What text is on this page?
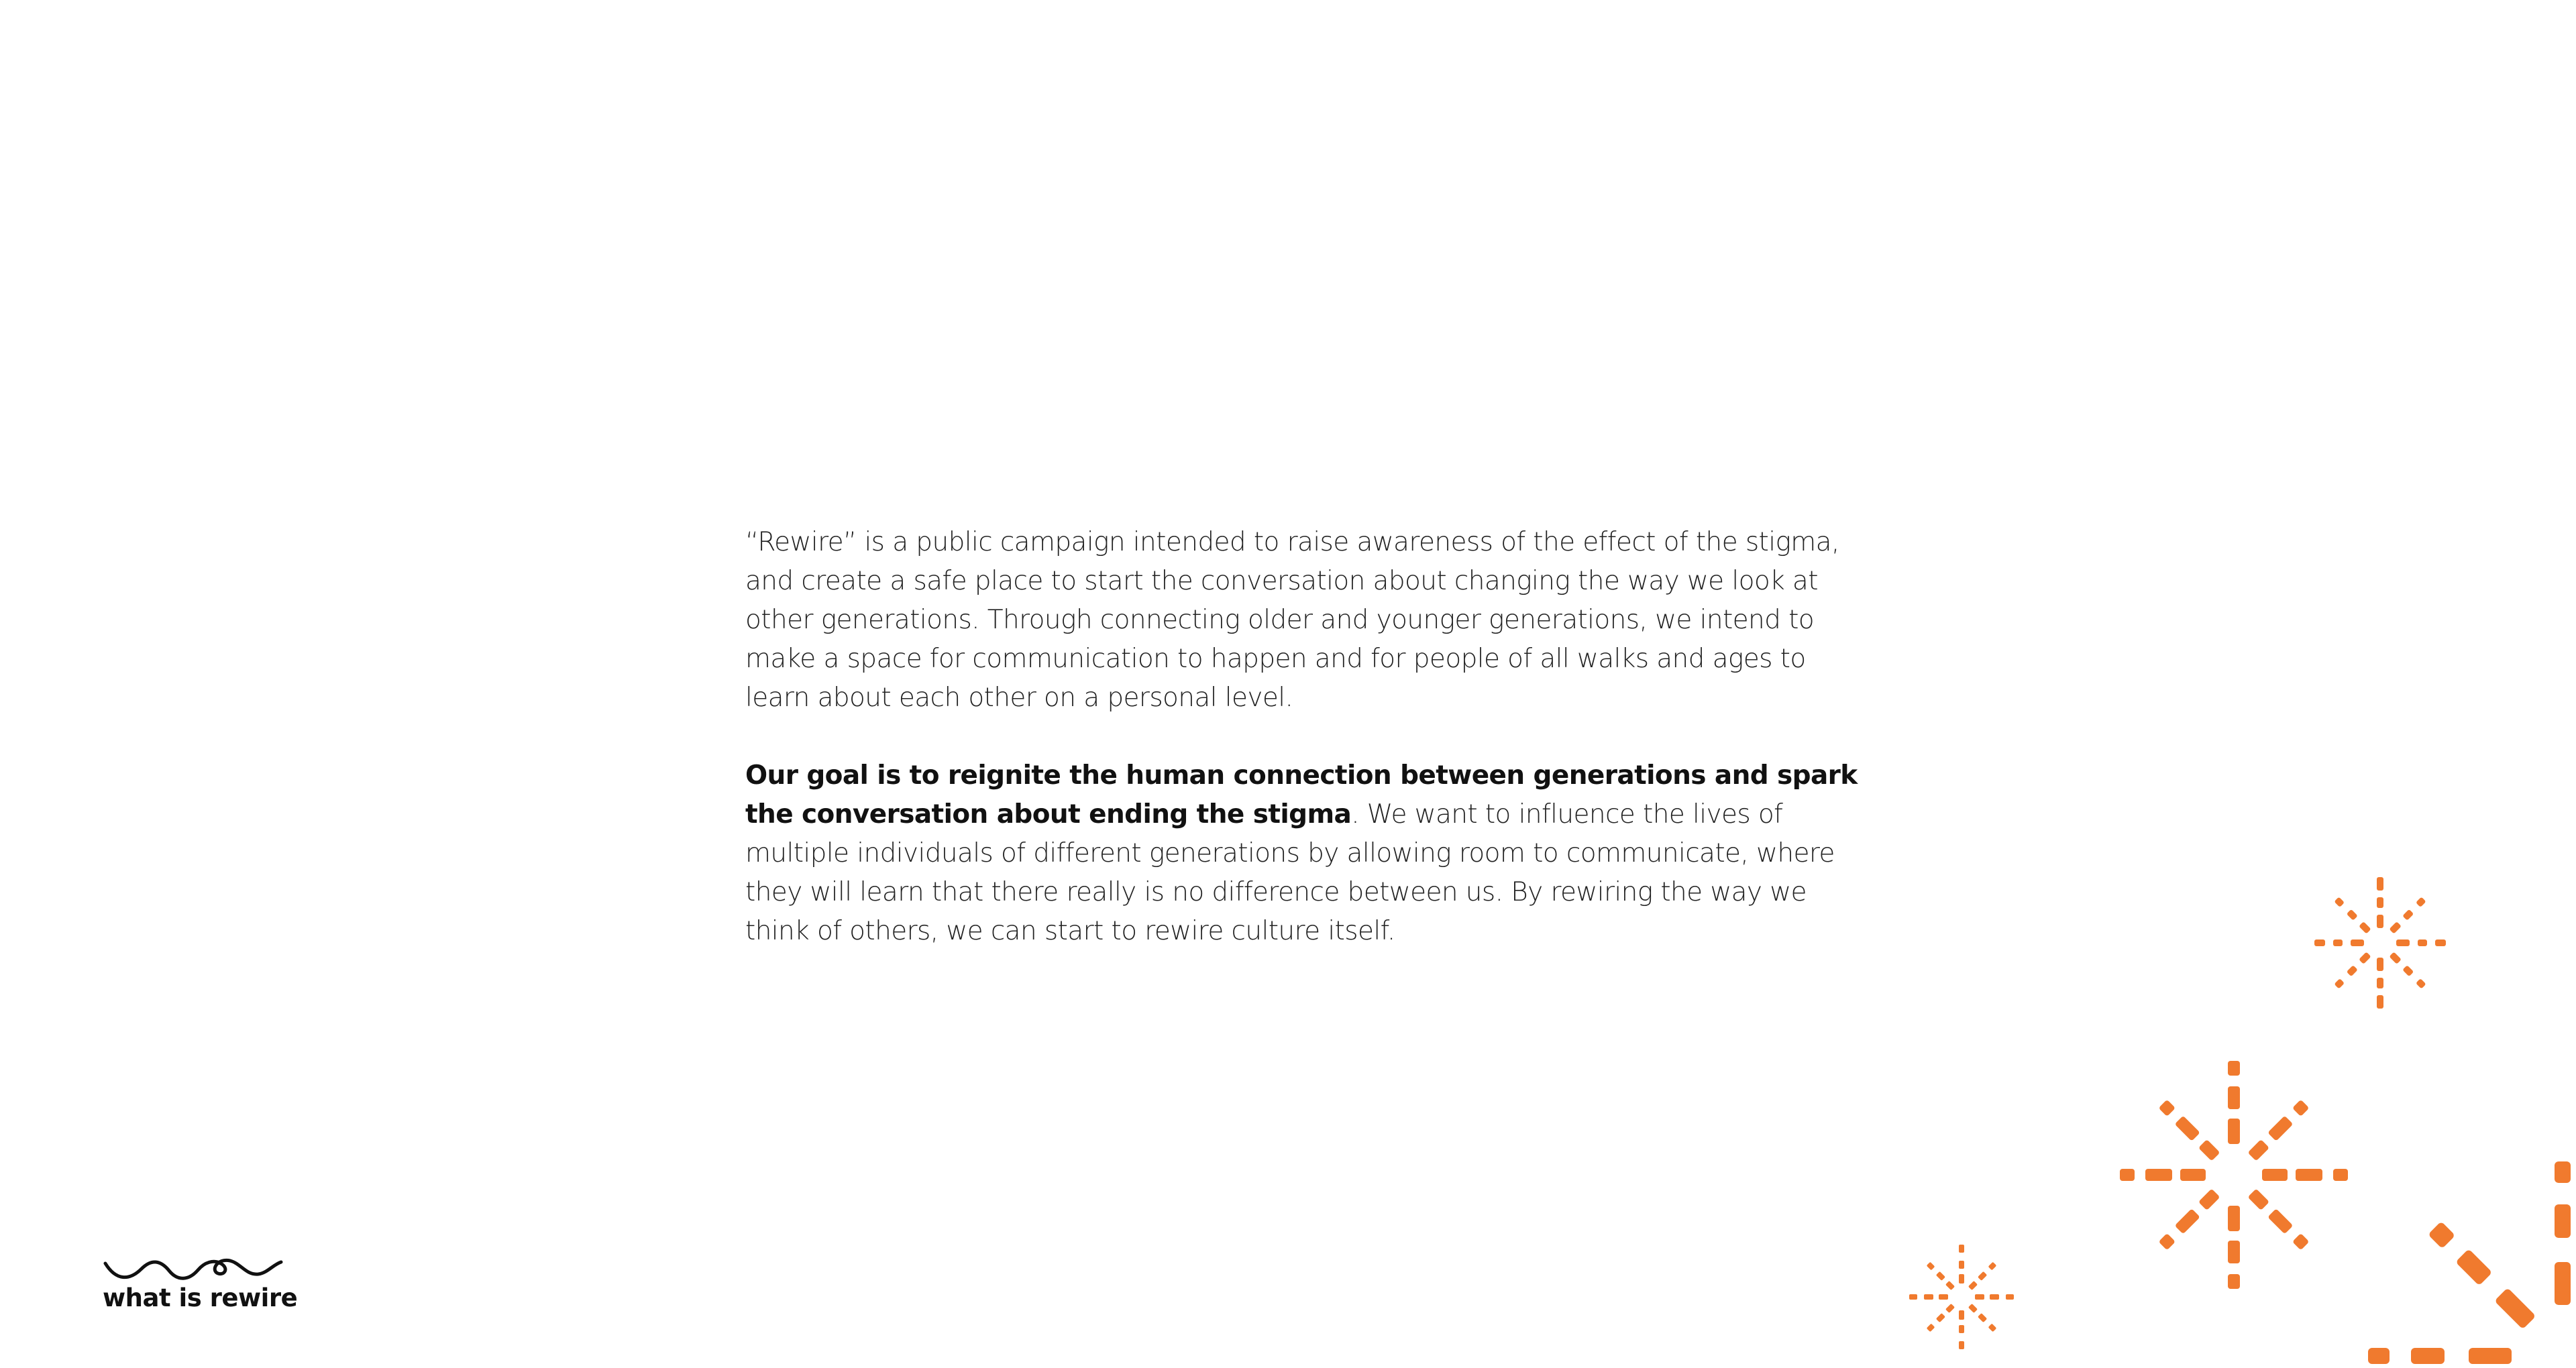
“Rewire” is a public campaign intended to raise awareness of the effect of the stigma, and create a safe place to start the conversation about changing the way we look at other generations. Through connecting older and younger generations, we intend to make a space for communication to happen and for people of all walks and ages to learn about each other on a personal level.

Our goal is to reignite the human connection between generations and spark the conversation about ending the stigma. We want to influence the lives of multiple individuals of different generations by allowing room to communicate, where they will learn that there really is no difference between us. By rewiring the way we think of others, we can start to rewire culture itself.

what is rewire
